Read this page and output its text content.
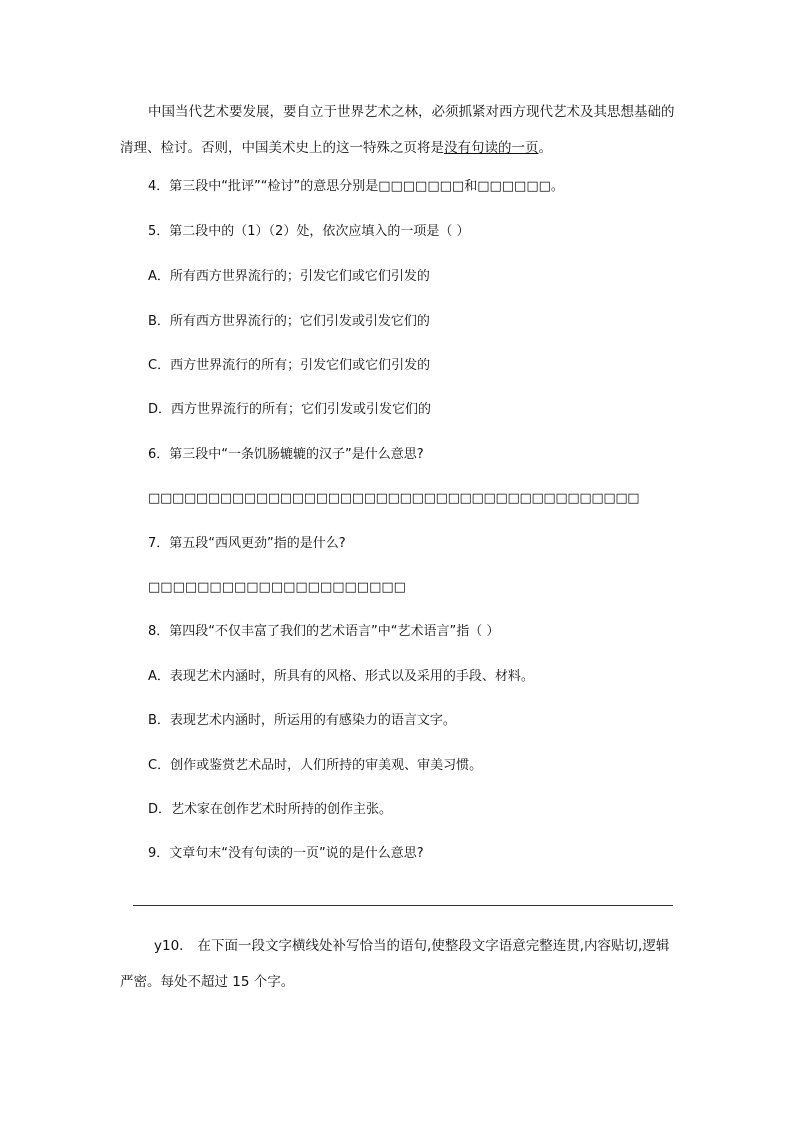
中国当代艺术要发展，要自立于世界艺术之林，必须抓紧对西方现代艺术及其思想基础的清理、检讨。否则，中国美术史上的这一特殊之页将是没有句读的一页。
4．第三段中“批评”“检讨”的意思分别是□□□□□□□和□□□□□□。
5．第二段中的（1）（2）处，依次应填入的一项是（ ）
A．所有西方世界流行的；引发它们或它们引发的
B．所有西方世界流行的；它们引发或引发它们的
C．西方世界流行的所有；引发它们或它们引发的
D．西方世界流行的所有；它们引发或引发它们的
6．第三段中“一条饥肠辘辘的汉子”是什么意思?
□□□□□□□□□□□□□□□□□□□□□□□□□□□□□□□□□□□□□□□□□
7．第五段“西风更劲”指的是什么?
□□□□□□□□□□□□□□□□□□□□□
8．第四段“不仅丰富了我们的艺术语言”中“艺术语言”指（ ）
A．表现艺术内涵时，所具有的风格、形式以及采用的手段、材料。
B．表现艺术内涵时，所运用的有感染力的语言文字。
C．创作或鉴赏艺术品时，人们所持的审美观、审美习惯。
D．艺术家在创作艺术时所持的创作主张。
9．文章句末“没有句读的一页”说的是什么意思?
y10. 在下面一段文字横线处补写恰当的语句,使整段文字语意完整连贯,内容贴切,逻辑严密。每处不超过 15 个字。
